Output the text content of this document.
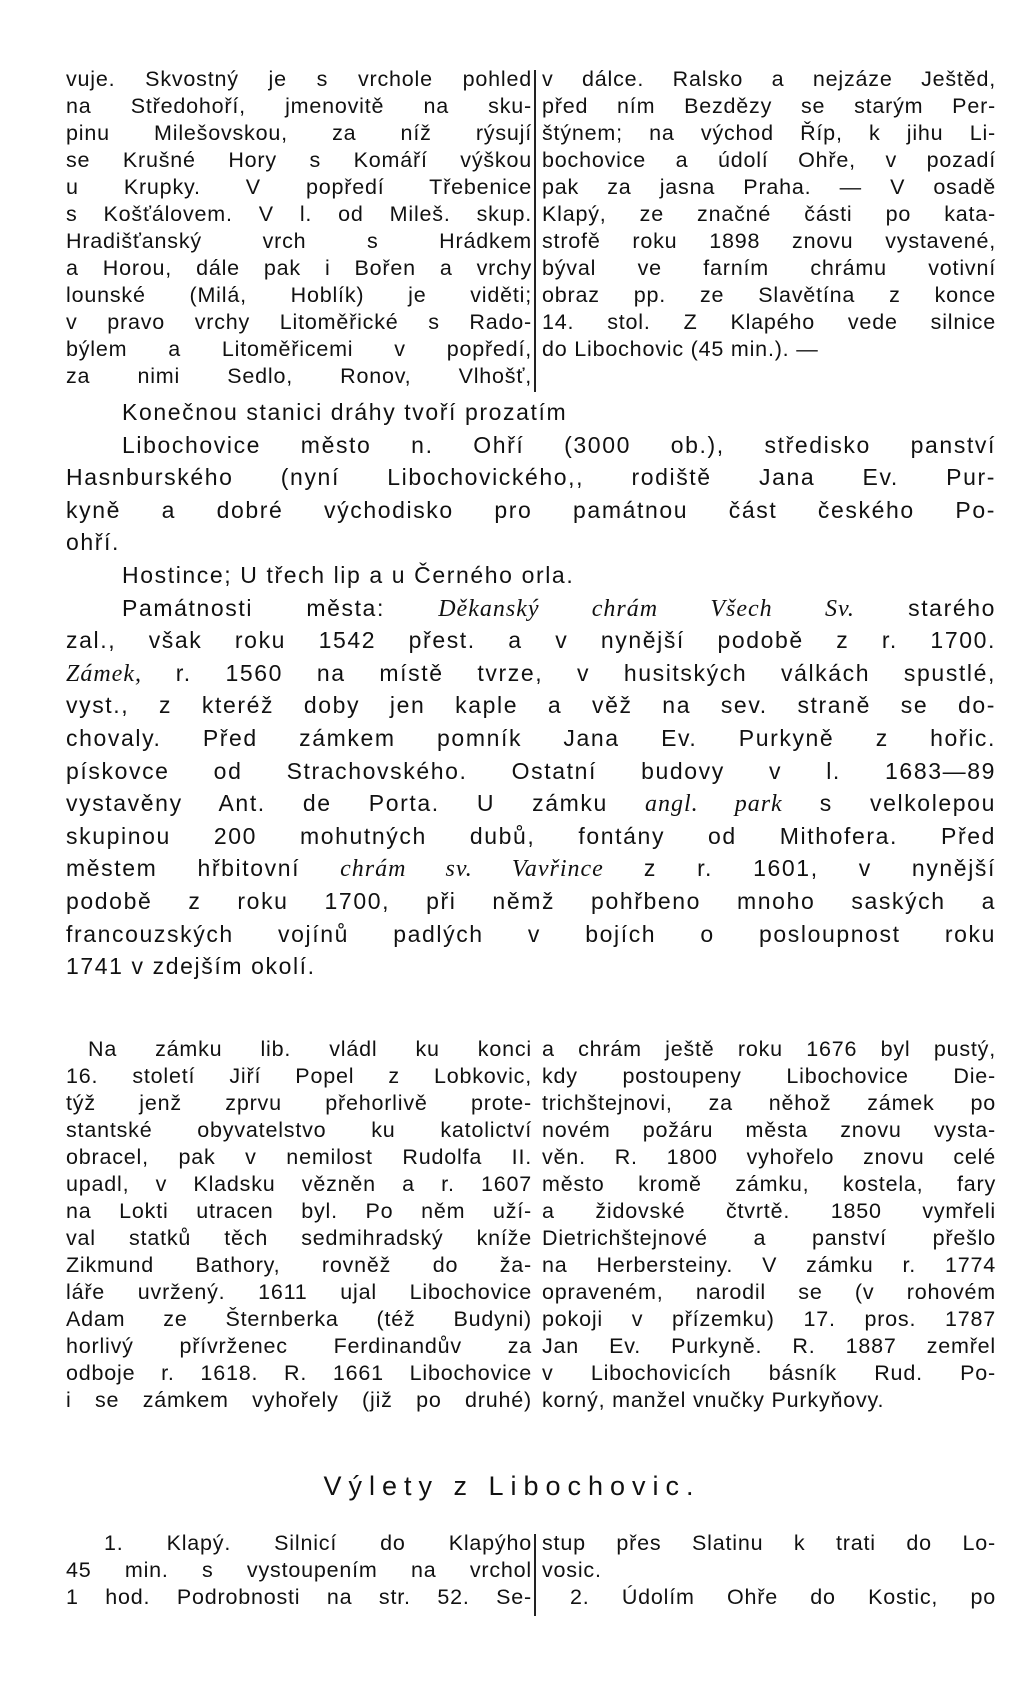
vuje. Skvostný je s vrchole pohled
na Středohoří, jmenovitě na sku-
pinu Milešovskou, za níž rýsují
se Krušné Hory s Komáří výškou
u Krupky. V popředí Třebenice
s Košťálovem. V l. od Mileš. skup.
Hradišťanský vrch s Hrádkem
a Horou, dále pak i Bořen a vrchy
lounské (Milá, Hoblík) je viděti;
v pravo vrchy Litoměřické s Rado-
býlem a Litoměřicemi v popředí,
za nimi Sedlo, Ronov, Vlhošť,
v dálce. Ralsko a nejzáze Ještěd,
před ním Bezdězy se starým Per-
štýnem; na východ Říp, k jihu Li-
bochovice a údolí Ohře, v pozadí
pak za jasna Praha. — V osadě
Klapý, ze značné části po kata-
strofě roku 1898 znovu vystavené,
býval ve farním chrámu votivní
obraz pp. ze Slavětína z konce
14. stol. Z Klapého vede silnice
do Libochovic (45 min.). —
Konečnou stanici dráhy tvoří prozatím
Libochovice město n. Ohří (3000 ob.), středisko panství
Hasnburského (nyní Libochovického,, rodiště Jana Ev. Pur-
kyně a dobré východisko pro památnou část českého Po-
ohří.
Hostince; U třech lip a u Černého orla.
Památnosti města: Děkanský chrám Všech Sv. starého
zal., však roku 1542 přest. a v nynější podobě z r. 1700.
Zámek, r. 1560 na místě tvrze, v husitských válkách spustlé,
vyst., z kteréž doby jen kaple a věž na sev. straně se do-
chovaly. Před zámkem pomník Jana Ev. Purkyně z hořic.
pískovce od Strachovského. Ostatní budovy v l. 1683—89
vystavěny Ant. de Porta. U zámku angl. park s velkolepou
skupinou 200 mohutných dubů, fontány od Mithofera. Před
městem hřbitovní chrám sv. Vavřince z r. 1601, v nynější
podobě z roku 1700, při němž pohřbeno mnoho saských a
francouzských vojínů padlých v bojích o posloupnost roku
1741 v zdejším okolí.
Na zámku lib. vládl ku konci
16. století Jiří Popel z Lobkovic,
týž jenž zprvu přehorlivě prote-
stantské obyvatelstvo ku katolictví
obracel, pak v nemilost Rudolfa II.
upadl, v Kladsku vězněn a r. 1607
na Lokti utracen byl. Po něm uží-
val statků těch sedmihradský kníže
Zikmund Bathory, rovněž do ža-
láře uvržený. 1611 ujal Libochovice
Adam ze Šternberka (též Budyni)
horlivý přívrženec Ferdinandův za
odboje r. 1618. R. 1661 Libochovice
i se zámkem vyhořely (již po druhé)
a chrám ještě roku 1676 byl pustý,
kdy postoupeny Libochovice Die-
trichštejnovi, za něhož zámek po
novém požáru města znovu vysta-
věn. R. 1800 vyhořelo znovu celé
město kromě zámku, kostela, fary
a židovské čtvrtě. 1850 vymřeli
Dietrichštejnové a panství přešlo
na Herbersteiny. V zámku r. 1774
opraveném, narodil se (v rohovém
pokoji v přízemku) 17. pros. 1787
Jan Ev. Purkyně. R. 1887 zemřel
v Libochovicích básník Rud. Po-
korný, manžel vnučky Purkyňovy.
Výlety z Libochovic.
1. Klapý. Silnicí do Klapýho
45 min. s vystoupením na vrchol
1 hod. Podrobnosti na str. 52. Se-
stup přes Slatinu k trati do Lo-
vosic.
2. Údolím Ohře do Kostic, po
